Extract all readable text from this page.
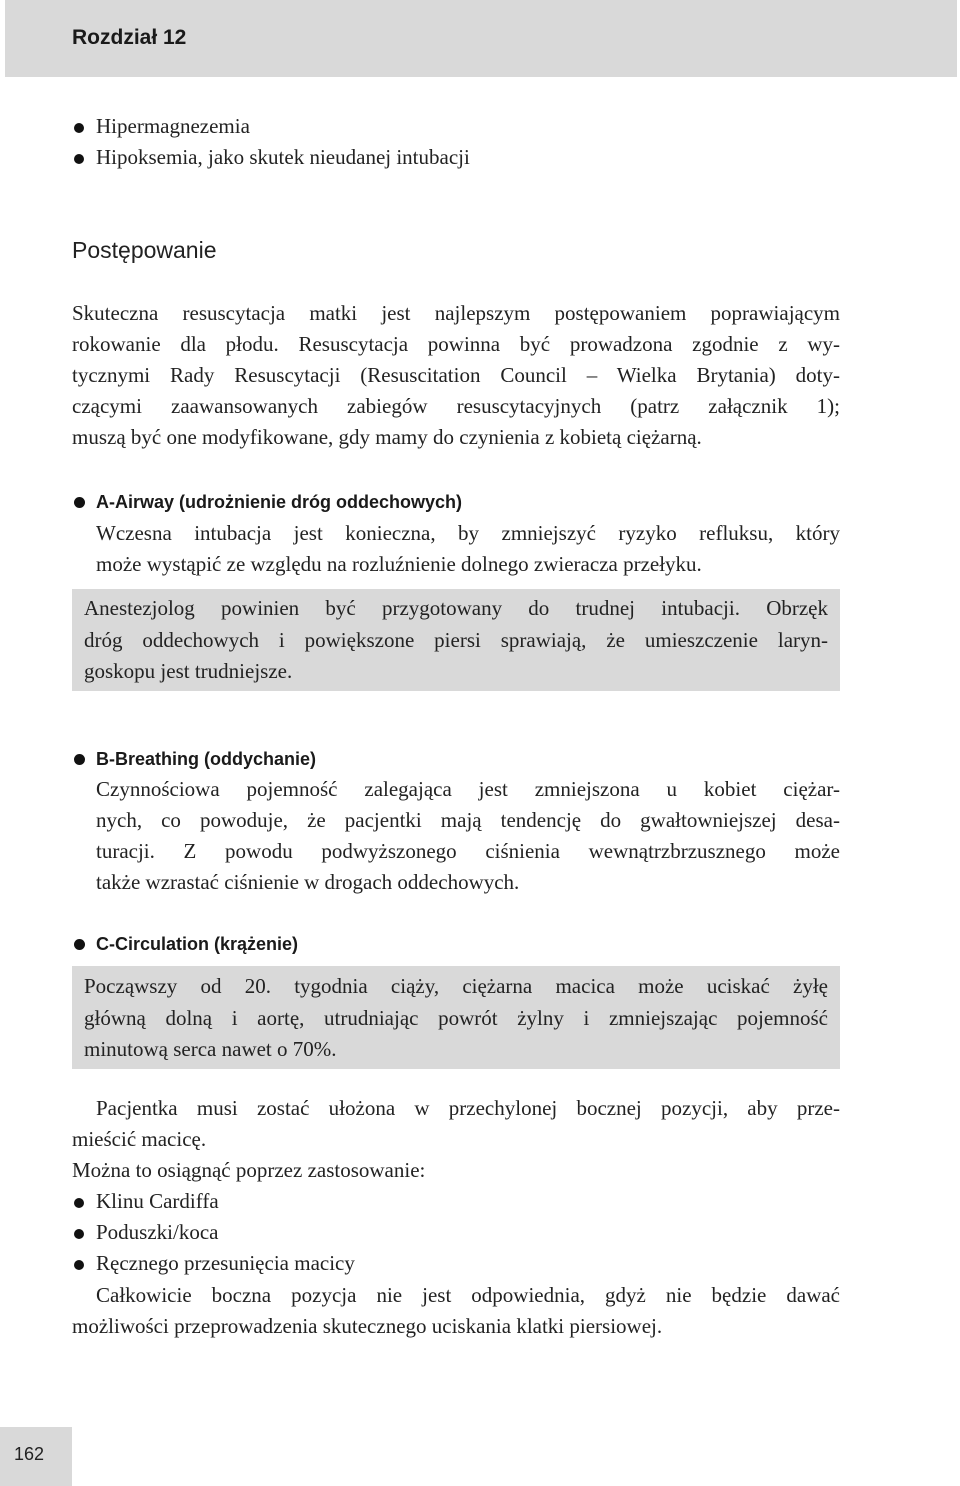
Rozdział 12
Hipermagnezemia
Hipoksemia, jako skutek nieudanej intubacji
Postępowanie
Skuteczna resuscytacja matki jest najlepszym postępowaniem poprawiającym
rokowanie dla płodu. Resuscytacja powinna być prowadzona zgodnie z wy-
tycznymi Rady Resuscytacji (Resuscitation Council – Wielka Brytania) doty-
czącymi zaawansowanych zabiegów resuscytacyjnych (patrz załącznik 1);
muszą być one modyfikowane, gdy mamy do czynienia z kobietą ciężarną.
A-Airway (udrożnienie dróg oddechowych)
Wczesna intubacja jest konieczna, by zmniejszyć ryzyko refluksu, który
może wystąpić ze względu na rozluźnienie dolnego zwieracza przełyku.

Anestezjolog powinien być przygotowany do trudnej intubacji. Obrzęk

dróg oddechowych i powiększone piersi sprawiają, że umieszczenie laryn-

goskopu jest trudniejsze.

B-Breathing (oddychanie)
Czynnościowa pojemność zalegająca jest zmniejszona u kobiet ciężar-
nych, co powoduje, że pacjentki mają tendencję do gwałtowniejszej desa-
turacji. Z powodu podwyższonego ciśnienia wewnątrzbrzusznego może
także wzrastać ciśnienie w drogach oddechowych.
C-Circulation (krążenie)

Począwszy od 20. tygodnia ciąży, ciężarna macica może uciskać żyłę

główną dolną i aortę, utrudniając powrót żylny i zmniejszając pojemność

minutową serca nawet o 70%.

Pacjentka musi zostać ułożona w przechylonej bocznej pozycji, aby prze-
mieścić macicę.
Można to osiągnąć poprzez zastosowanie:
Klinu Cardiffa
Poduszki/koca
Ręcznego przesunięcia macicy
Całkowicie boczna pozycja nie jest odpowiednia, gdyż nie będzie dawać
możliwości przeprowadzenia skutecznego uciskania klatki piersiowej.
162
